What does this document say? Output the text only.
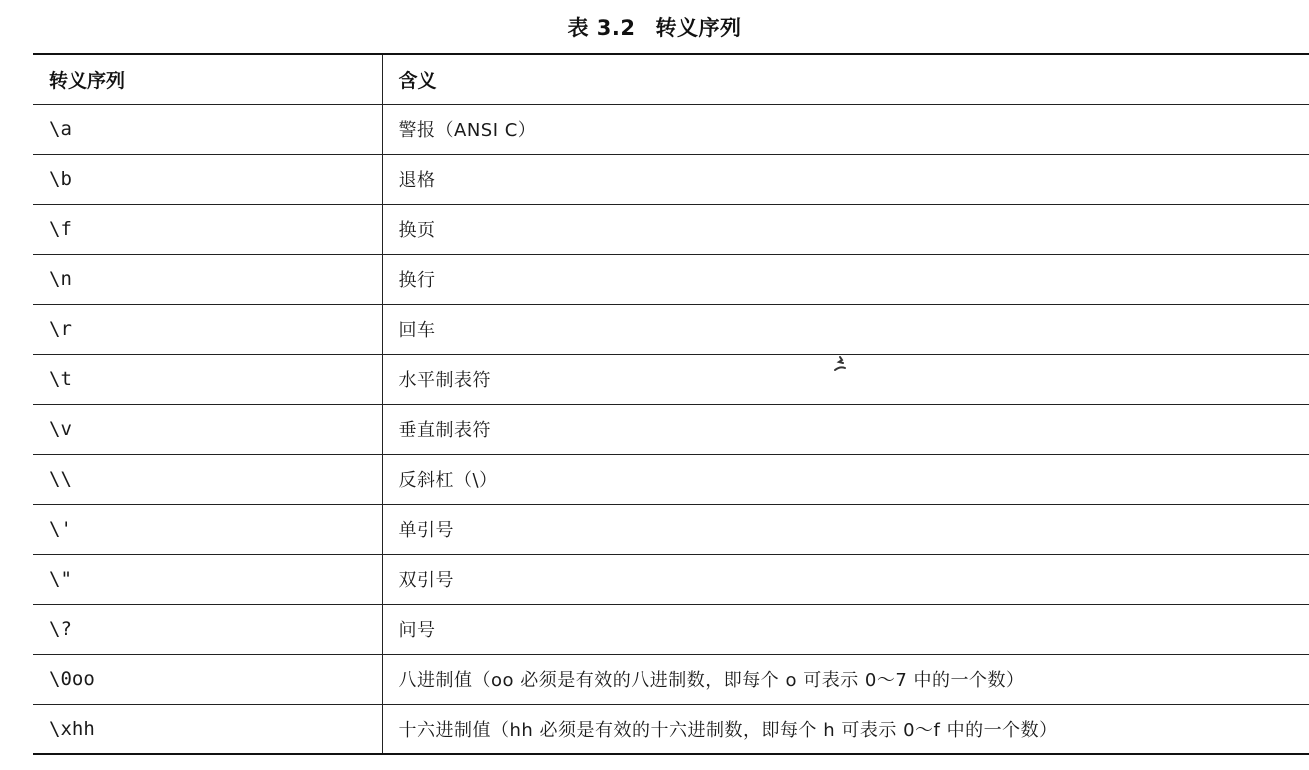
表 3.2 转义序列
转义序列	含义
\a	警报（ANSI C）
\b	退格
\f	换页
\n	换行
\r	回车
\t	水平制表符
\v	垂直制表符
\\	反斜杠（\）
\'	单引号
\"	双引号
\?	问号
\0oo	八进制值（oo 必须是有效的八进制数，即每个 o 可表示 0～7 中的一个数）
\xhh	十六进制值（hh 必须是有效的十六进制数，即每个 h 可表示 0～f 中的一个数）
